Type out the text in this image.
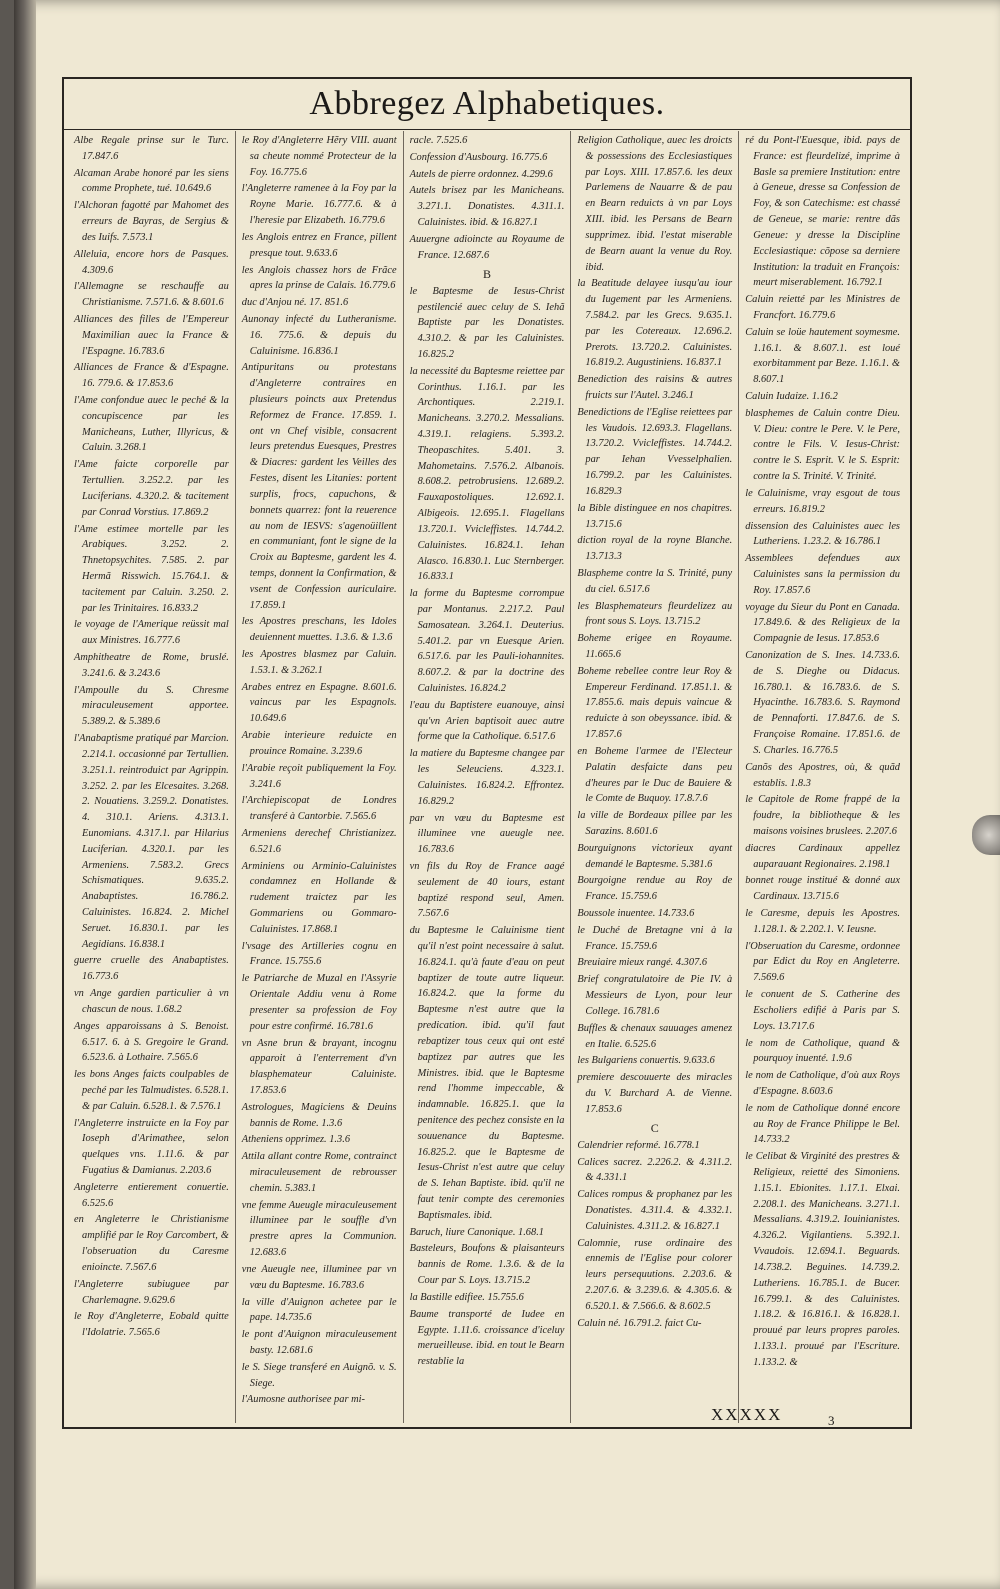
Abbregez Alphabetiques.

Albe Regale prinse sur le Turc. 17.847.6

Alcaman Arabe honoré par les siens comme Prophete, tué. 10.649.6

l'Alchoran fagotté par Mahomet des erreurs de Bayras, de Sergius & des Iuifs. 7.573.1

Alleluia, encore hors de Pasques. 4.309.6

l'Allemagne se reschauffe au Christianisme. 7.571.6. & 8.601.6

Alliances des filles de l'Empereur Maximilian auec la France & l'Espagne. 16.783.6

Alliances de France & d'Espagne. 16. 779.6. & 17.853.6

l'Ame confondue auec le peché & la concupiscence par les Manicheans, Luther, Illyricus, & Caluin. 3.268.1

l'Ame faicte corporelle par Tertullien. 3.252.2. par les Luciferians. 4.320.2. & tacitement par Conrad Vorstius. 17.869.2

l'Ame estimee mortelle par les Arabiques. 3.252. 2. Thnetopsychites. 7.585. 2. par Hermã Risswich. 15.764.1. & tacitement par Caluin. 3.250. 2. par les Trinitaires. 16.833.2

le voyage de l'Amerique reüssit mal aux Ministres. 16.777.6

Amphitheatre de Rome, bruslé. 3.241.6. & 3.243.6

l'Ampoulle du S. Chresme miraculeusement apportee. 5.389.2. & 5.389.6

l'Anabaptisme pratiqué par Marcion. 2.214.1. occasionné par Tertullien. 3.251.1. reintroduict par Agrippin. 3.252. 2. par les Elcesaites. 3.268. 2. Nouatiens. 3.259.2. Donatistes. 4. 310.1. Ariens. 4.313.1. Eunomians. 4.317.1. par Hilarius Luciferian. 4.320.1. par les Armeniens. 7.583.2. Grecs Schismatiques. 9.635.2. Anabaptistes. 16.786.2. Caluinistes. 16.824. 2. Michel Seruet. 16.830.1. par les Aegidians. 16.838.1

guerre cruelle des Anabaptistes. 16.773.6

vn Ange gardien particulier à vn chascun de nous. 1.68.2

Anges apparoissans à S. Benoist. 6.517. 6. à S. Gregoire le Grand. 6.523.6. à Lothaire. 7.565.6

les bons Anges faicts coulpables de peché par les Talmudistes. 6.528.1. & par Caluin. 6.528.1. & 7.576.1

l'Angleterre instruicte en la Foy par Ioseph d'Arimathee, selon quelques vns. 1.11.6. & par Fugatius & Damianus. 2.203.6

Angleterre entierement conuertie. 6.525.6

en Angleterre le Christianisme amplifié par le Roy Carcombert, & l'obseruation du Caresme enioincte. 7.567.6

l'Angleterre subiuguee par Charlemagne. 9.629.6

le Roy d'Angleterre, Eobald quitte l'Idolatrie. 7.565.6

le Roy d'Angleterre Hẽry VIII. auant sa cheute nommé Protecteur de la Foy. 16.775.6

l'Angleterre ramenee à la Foy par la Royne Marie. 16.777.6. & à l'heresie par Elizabeth. 16.779.6

les Anglois entrez en France, pillent presque tout. 9.633.6

les Anglois chassez hors de Frãce apres la prinse de Calais. 16.779.6

duc d'Anjou né. 17. 851.6

Aunonay infecté du Lutheranisme. 16. 775.6. & depuis du Caluinisme. 16.836.1

Antipuritans ou protestans d'Angleterre contraires en plusieurs poincts aux Pretendus Reformez de France. 17.859. 1. ont vn Chef visible, consacrent leurs pretendus Euesques, Prestres & Diacres: gardent les Veilles des Festes, disent les Litanies: portent surplis, frocs, capuchons, & bonnets quarrez: font la reuerence au nom de IESVS: s'agenoüillent en communiant, font le signe de la Croix au Baptesme, gardent les 4. temps, donnent la Confirmation, & vsent de Confession auriculaire. 17.859.1

les Apostres preschans, les Idoles deuiennent muettes. 1.3.6. & 1.3.6

les Apostres blasmez par Caluin. 1.53.1. & 3.262.1

Arabes entrez en Espagne. 8.601.6. vaincus par les Espagnols. 10.649.6

Arabie interieure reduicte en prouince Romaine. 3.239.6

l'Arabie reçoit publiquement la Foy. 3.241.6

l'Archiepiscopat de Londres transferé à Cantorbie. 7.565.6

Armeniens derechef Christianizez. 6.521.6

Arminiens ou Arminio-Caluinistes condamnez en Hollande & rudement traictez par les Gommariens ou Gommaro-Caluinistes. 17.868.1

l'vsage des Artilleries cognu en France. 15.755.6

le Patriarche de Muzal en l'Assyrie Orientale Addiu venu à Rome presenter sa profession de Foy pour estre confirmé. 16.781.6

vn Asne brun & brayant, incognu apparoit à l'enterrement d'vn blasphemateur Caluiniste. 17.853.6

Astrologues, Magiciens & Deuins bannis de Rome. 1.3.6

Atheniens opprimez. 1.3.6

Attila allant contre Rome, contrainct miraculeusement de rebrousser chemin. 5.383.1

vne femme Aueugle miraculeusement illuminee par le souffle d'vn prestre apres la Communion. 12.683.6

vne Aueugle nee, illuminee par vn vœu du Baptesme. 16.783.6

la ville d'Auignon achetee par le pape. 14.735.6

le pont d'Auignon miraculeusement basty. 12.681.6

le S. Siege transferé en Auignõ. v. S. Siege.

l'Aumosne authorisee par mi-

racle. 7.525.6

Confession d'Ausbourg. 16.775.6

Autels de pierre ordonnez. 4.299.6

Autels brisez par les Manicheans. 3.271.1. Donatistes. 4.311.1. Caluinistes. ibid. & 16.827.1

Auuergne adioincte au Royaume de France. 12.687.6

B

le Baptesme de Iesus-Christ pestilencié auec celuy de S. Iehã Baptiste par les Donatistes. 4.310.2. & par les Caluinistes. 16.825.2

la necessité du Baptesme reiettee par Corinthus. 1.16.1. par les Archontiques. 2.219.1. Manicheans. 3.270.2. Messalians. 4.319.1. relagiens. 5.393.2. Theopaschites. 5.401. 3. Mahometains. 7.576.2. Albanois. 8.608.2. petrobrusiens. 12.689.2. Fauxapostoliques. 12.692.1. Albigeois. 12.695.1. Flagellans 13.720.1. Vvicleffistes. 14.744.2. Caluinistes. 16.824.1. Iehan Alasco. 16.830.1. Luc Sternberger. 16.833.1

la forme du Baptesme corrompue par Montanus. 2.217.2. Paul Samosatean. 3.264.1. Deuterius. 5.401.2. par vn Euesque Arien. 6.517.6. par les Pauli-iohannites. 8.607.2. & par la doctrine des Caluinistes. 16.824.2

l'eau du Baptistere euanouye, ainsi qu'vn Arien baptisoit auec autre forme que la Catholique. 6.517.6

la matiere du Baptesme changee par les Seleuciens. 4.323.1. Caluinistes. 16.824.2. Effrontez. 16.829.2

par vn vœu du Baptesme est illuminee vne aueugle nee. 16.783.6

vn fils du Roy de France aagé seulement de 40 iours, estant baptizé respond seul, Amen. 7.567.6

du Baptesme le Caluinisme tient qu'il n'est point necessaire à salut. 16.824.1. qu'à faute d'eau on peut baptizer de toute autre liqueur. 16.824.2. que la forme du Baptesme n'est autre que la predication. ibid. qu'il faut rebaptizer tous ceux qui ont esté baptizez par autres que les Ministres. ibid. que le Baptesme rend l'homme impeccable, & indamnable. 16.825.1. que la penitence des pechez consiste en la souuenance du Baptesme. 16.825.2. que le Baptesme de Iesus-Christ n'est autre que celuy de S. Iehan Baptiste. ibid. qu'il ne faut tenir compte des ceremonies Baptismales. ibid.

Baruch, liure Canonique. 1.68.1

Basteleurs, Boufons & plaisanteurs bannis de Rome. 1.3.6. & de la Cour par S. Loys. 13.715.2

la Bastille edifiee. 15.755.6

Baume transporté de Iudee en Egypte. 1.11.6. croissance d'iceluy merueilleuse. ibid. en tout le Bearn restablie la

Religion Catholique, auec les droicts & possessions des Ecclesiastiques par Loys. XIII. 17.857.6. les deux Parlemens de Nauarre & de pau en Bearn reduicts à vn par Loys XIII. ibid. les Persans de Bearn supprimez. ibid. l'estat miserable de Bearn auant la venue du Roy. ibid.

la Beatitude delayee iusqu'au iour du Iugement par les Armeniens. 7.584.2. par les Grecs. 9.635.1. par les Cotereaux. 12.696.2. Prerots. 13.720.2. Caluinistes. 16.819.2. Augustiniens. 16.837.1

Benediction des raisins & autres fruicts sur l'Autel. 3.246.1

Benedictions de l'Eglise reiettees par les Vaudois. 12.693.3. Flagellans. 13.720.2. Vvicleffistes. 14.744.2. par Iehan Vvesselphalien. 16.799.2. par les Caluinistes. 16.829.3

la Bible distinguee en nos chapitres. 13.715.6

diction royal de la royne Blanche. 13.713.3

Blaspheme contre la S. Trinité, puny du ciel. 6.517.6

les Blasphemateurs fleurdelizez au front sous S. Loys. 13.715.2

Boheme erigee en Royaume. 11.665.6

Boheme rebellee contre leur Roy & Empereur Ferdinand. 17.851.1. & 17.855.6. mais depuis vaincue & reduicte à son obeyssance. ibid. & 17.857.6

en Boheme l'armee de l'Electeur Palatin desfaicte dans peu d'heures par le Duc de Bauiere & le Comte de Buquoy. 17.8.7.6

la ville de Bordeaux pillee par les Sarazins. 8.601.6

Bourguignons victorieux ayant demandé le Baptesme. 5.381.6

Bourgoigne rendue au Roy de France. 15.759.6

Boussole inuentee. 14.733.6

le Duché de Bretagne vni à la France. 15.759.6

Breuiaire mieux rangé. 4.307.6

Brief congratulatoire de Pie IV. à Messieurs de Lyon, pour leur College. 16.781.6

Buffles & chenaux sauuages amenez en Italie. 6.525.6

les Bulgariens conuertis. 9.633.6

premiere descouuerte des miracles du V. Burchard A. de Vienne. 17.853.6

C

Calendrier reformé. 16.778.1

Calices sacrez. 2.226.2. & 4.311.2. & 4.331.1

Calices rompus & prophanez par les Donatistes. 4.311.4. & 4.332.1. Caluinistes. 4.311.2. & 16.827.1

Calomnie, ruse ordinaire des ennemis de l'Eglise pour colorer leurs persequutions. 2.203.6. & 2.207.6. & 3.239.6. & 4.305.6. & 6.520.1. & 7.566.6. & 8.602.5

Caluin né. 16.791.2. faict Cu-

ré du Pont-l'Euesque, ibid. pays de France: est fleurdelizé, imprime à Basle sa premiere Institution: entre à Geneue, dresse sa Confession de Foy, & son Catechisme: est chassé de Geneue, se marie: rentre dãs Geneue: y dresse la Discipline Ecclesiastique: cõpose sa derniere Institution: la traduit en François: meurt miserablement. 16.792.1

Caluin reietté par les Ministres de Francfort. 16.779.6

Caluin se loüe hautement soymesme. 1.16.1. & 8.607.1. est loué exorbitamment par Beze. 1.16.1. & 8.607.1

Caluin Iudaize. 1.16.2

blasphemes de Caluin contre Dieu. V. Dieu: contre le Pere. V. le Pere, contre le Fils. V. Iesus-Christ: contre le S. Esprit. V. le S. Esprit: contre la S. Trinité. V. Trinité.

le Caluinisme, vray esgout de tous erreurs. 16.819.2

dissension des Caluinistes auec les Lutheriens. 1.23.2. & 16.786.1

Assemblees defendues aux Caluinistes sans la permission du Roy. 17.857.6

voyage du Sieur du Pont en Canada. 17.849.6. & des Religieux de la Compagnie de Iesus. 17.853.6

Canonization de S. Ines. 14.733.6. de S. Dieghe ou Didacus. 16.780.1. & 16.783.6. de S. Hyacinthe. 16.783.6. S. Raymond de Pennaforti. 17.847.6. de S. Françoise Romaine. 17.851.6. de S. Charles. 16.776.5

Canõs des Apostres, où, & quãd establis. 1.8.3

le Capitole de Rome frappé de la foudre, la bibliotheque & les maisons voisines bruslees. 2.207.6

diacres Cardinaux appellez auparauant Regionaires. 2.198.1

bonnet rouge institué & donné aux Cardinaux. 13.715.6

le Caresme, depuis les Apostres. 1.128.1. & 2.202.1. V. Ieusne.

l'Obseruation du Caresme, ordonnee par Edict du Roy en Angleterre. 7.569.6

le conuent de S. Catherine des Escholiers edifié à Paris par S. Loys. 13.717.6

le nom de Catholique, quand & pourquoy inuenté. 1.9.6

le nom de Catholique, d'où aux Roys d'Espagne. 8.603.6

le nom de Catholique donné encore au Roy de France Philippe le Bel. 14.733.2

le Celibat & Virginité des prestres & Religieux, reietté des Simoniens. 1.15.1. Ebionites. 1.17.1. Elxai. 2.208.1. des Manicheans. 3.271.1. Messalians. 4.319.2. Iouinianistes. 4.326.2. Vigilantiens. 5.392.1. Vvaudois. 12.694.1. Beguards. 14.738.2. Beguines. 14.739.2. Lutheriens. 16.785.1. de Bucer. 16.799.1. & des Caluinistes. 1.18.2. & 16.816.1. & 16.828.1. prouué par leurs propres paroles. 1.133.1. prouué par l'Escriture. 1.133.2. &

XXXXX	3
